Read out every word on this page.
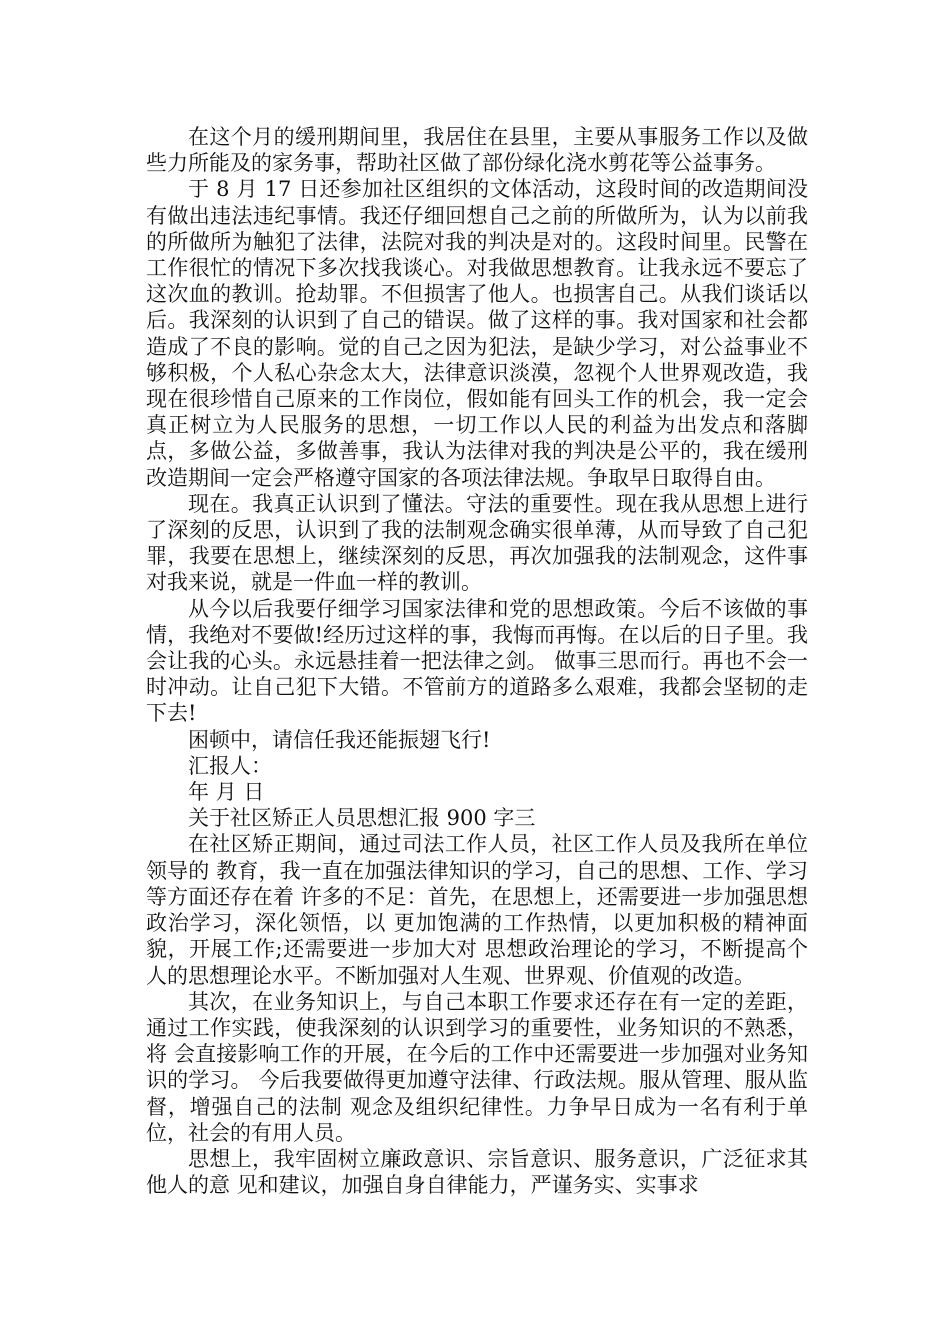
在这个月的缓刑期间里，我居住在县里，主要从事服务工作以及做些力所能及的家务事，帮助社区做了部份绿化浇水剪花等公益事务。

于 8 月 17 日还参加社区组织的文体活动，这段时间的改造期间没有做出违法违纪事情。我还仔细回想自己之前的所做所为，认为以前我的所做所为触犯了法律，法院对我的判决是对的。这段时间里。民警在工作很忙的情况下多次找我谈心。对我做思想教育。让我永远不要忘了这次血的教训。抢劫罪。不但损害了他人。也损害自己。从我们谈话以后。我深刻的认识到了自己的错误。做了这样的事。我对国家和社会都造成了不良的影响。觉的自己之因为犯法，是缺少学习，对公益事业不够积极，个人私心杂念太大，法律意识淡漠，忽视个人世界观改造，我现在很珍惜自己原来的工作岗位，假如能有回头工作的机会，我一定会真正树立为人民服务的思想，一切工作以人民的利益为出发点和落脚点，多做公益，多做善事，我认为法律对我的判决是公平的，我在缓刑改造期间一定会严格遵守国家的各项法律法规。争取早日取得自由。

现在。我真正认识到了懂法。守法的重要性。现在我从思想上进行了深刻的反思，认识到了我的法制观念确实很单薄，从而导致了自己犯罪，我要在思想上，继续深刻的反思，再次加强我的法制观念，这件事对我来说，就是一件血一样的教训。

从今以后我要仔细学习国家法律和党的思想政策。今后不该做的事情，我绝对不要做!经历过这样的事，我悔而再悔。在以后的日子里。我会让我的心头。永远悬挂着一把法律之剑。 做事三思而行。再也不会一时冲动。让自己犯下大错。不管前方的道路多么艰难，我都会坚韧的走下去!

困顿中，请信任我还能振翅飞行!

汇报人：

年 月 日

关于社区矫正人员思想汇报 900 字三

在社区矫正期间，通过司法工作人员，社区工作人员及我所在单位领导的 教育，我一直在加强法律知识的学习，自己的思想、工作、学习等方面还存在着 许多的不足：首先，在思想上，还需要进一步加强思想政治学习，深化领悟，以 更加饱满的工作热情，以更加积极的精神面貌，开展工作;还需要进一步加大对 思想政治理论的学习，不断提高个人的思想理论水平。不断加强对人生观、世界观、价值观的改造。

其次，在业务知识上，与自己本职工作要求还存在有一定的差距，通过工作实践，使我深刻的认识到学习的重要性，业务知识的不熟悉，将 会直接影响工作的开展，在今后的工作中还需要进一步加强对业务知识的学习。 今后我要做得更加遵守法律、行政法规。服从管理、服从监督，增强自己的法制 观念及组织纪律性。力争早日成为一名有利于单位，社会的有用人员。

思想上，我牢固树立廉政意识、宗旨意识、服务意识，广泛征求其他人的意 见和建议，加强自身自律能力，严谨务实、实事求
